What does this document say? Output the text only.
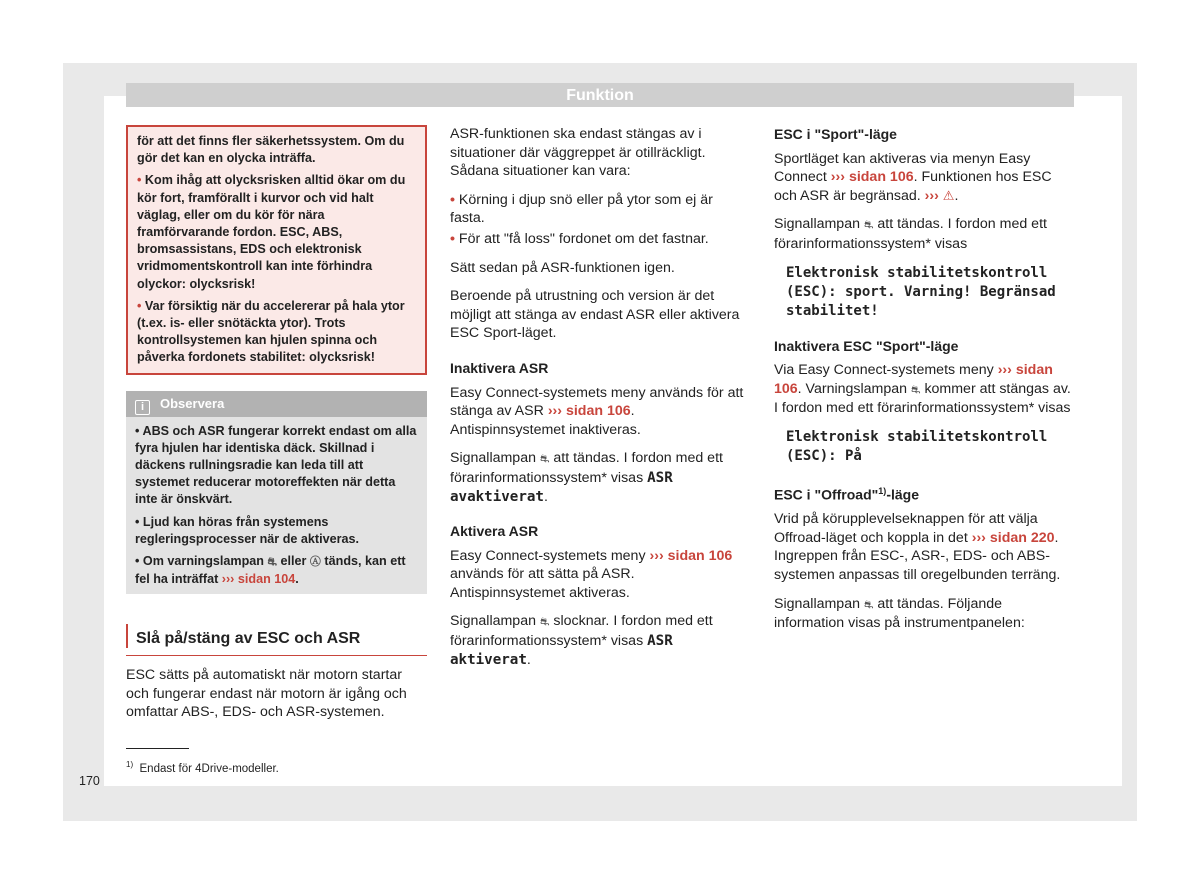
Funktion

för att det finns fler säkerhetssystem. Om du gör det kan en olycka inträffa.

• Kom ihåg att olycksrisken alltid ökar om du kör fort, framförallt i kurvor och vid halt väglag, eller om du kör för nära framförvarande fordon. ESC, ABS, bromsassistans, EDS och elektronisk vridmomentskontroll kan inte förhindra olyckor: olycksrisk!

• Var försiktig när du accelererar på hala ytor (t.ex. is- eller snötäckta ytor). Trots kontrollsystemen kan hjulen spinna och påverka fordonets stabilitet: olycksrisk!

i Observera

• ABS och ASR fungerar korrekt endast om alla fyra hjulen har identiska däck. Skillnad i däckens rullningsradie kan leda till att systemet reducerar motoreffekten när detta inte är önskvärt.

• Ljud kan höras från systemens regleringsprocesser när de aktiveras.

• Om varningslampan ⛐ eller Ⓐ tänds, kan ett fel ha inträffat ››› sidan 104.

Slå på/stäng av ESC och ASR

ESC sätts på automatiskt när motorn startar och fungerar endast när motorn är igång och omfattar ABS-, EDS- och ASR-systemen.

ASR-funktionen ska endast stängas av i situationer där väggreppet är otillräckligt. Sådana situationer kan vara:

• Körning i djup snö eller på ytor som ej är fasta.
• För att "få loss" fordonet om det fastnar.

Sätt sedan på ASR-funktionen igen.

Beroende på utrustning och version är det möjligt att stänga av endast ASR eller aktivera ESC Sport-läget.

Inaktivera ASR

Easy Connect-systemets meny används för att stänga av ASR ››› sidan 106. Antispinnsystemet inaktiveras.

Signallampan ⛐ att tändas. I fordon med ett förarinformationssystem* visas ASR avaktiverat.

Aktivera ASR

Easy Connect-systemets meny ››› sidan 106 används för att sätta på ASR. Antispinnsystemet aktiveras.

Signallampan ⛐ slocknar. I fordon med ett förarinformationssystem* visas ASR aktiverat.

ESC i "Sport"-läge

Sportläget kan aktiveras via menyn Easy Connect ››› sidan 106. Funktionen hos ESC och ASR är begränsad. ››› ⚠.

Signallampan ⛐ att tändas. I fordon med ett förarinformationssystem* visas

Elektronisk stabilitetskontroll (ESC): sport. Varning! Begränsad stabilitet!
Inaktivera ESC "Sport"-läge

Via Easy Connect-systemets meny ››› sidan 106. Varningslampan ⛐ kommer att stängas av. I fordon med ett förarinformationssystem* visas

Elektronisk stabilitetskontroll (ESC): På
ESC i "Offroad"$^{1)}$-läge

Vrid på körupplevelseknappen för att välja Offroad-läget och koppla in det ››› sidan 220. Ingreppen från ESC-, ASR-, EDS- och ABS-systemen anpassas till oregelbunden terräng.

Signallampan ⛐ att tändas. Följande information visas på instrumentpanelen:

$^{1)}$ Endast för 4Drive-modeller.
170
